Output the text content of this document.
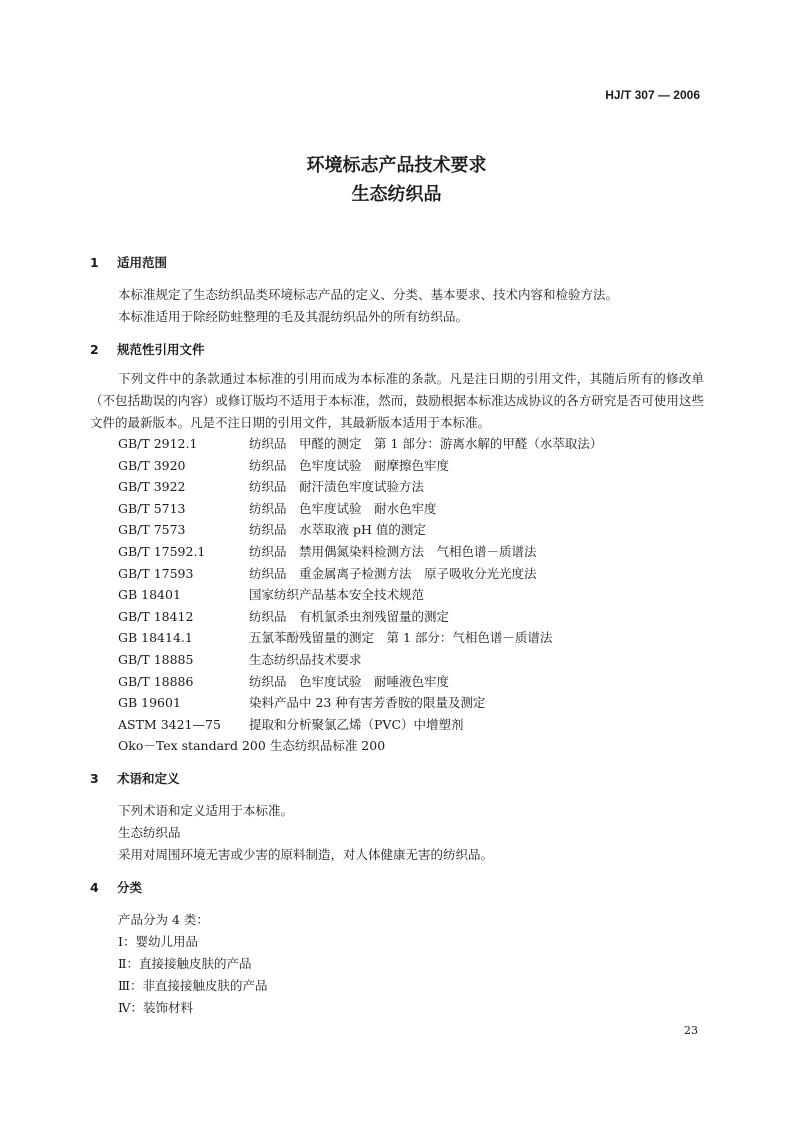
HJ/T 307 — 2006
环境标志产品技术要求
生态纺织品
1 适用范围
本标准规定了生态纺织品类环境标志产品的定义、分类、基本要求、技术内容和检验方法。
本标准适用于除经防蛀整理的毛及其混纺织品外的所有纺织品。
2 规范性引用文件
下列文件中的条款通过本标准的引用而成为本标准的条款。凡是注日期的引用文件，其随后所有的修改单（不包括勘误的内容）或修订版均不适用于本标准，然而，鼓励根据本标准达成协议的各方研究是否可使用这些文件的最新版本。凡是不注日期的引用文件，其最新版本适用于本标准。
GB/T 2912.1	纺织品　甲醛的测定　第 1 部分：游离水解的甲醛（水萃取法）
GB/T 3920	纺织品　色牢度试验　耐摩擦色牢度
GB/T 3922	纺织品　耐汗渍色牢度试验方法
GB/T 5713	纺织品　色牢度试验　耐水色牢度
GB/T 7573	纺织品　水萃取液 pH 值的测定
GB/T 17592.1	纺织品　禁用偶氮染料检测方法　气相色谱－质谱法
GB/T 17593	纺织品　重金属离子检测方法　原子吸收分光光度法
GB 18401	国家纺织产品基本安全技术规范
GB/T 18412	纺织品　有机氯杀虫剂残留量的测定
GB 18414.1	五氯苯酚残留量的测定　第 1 部分：气相色谱－质谱法
GB/T 18885	生态纺织品技术要求
GB/T 18886	纺织品　色牢度试验　耐唾液色牢度
GB 19601	染料产品中 23 种有害芳香胺的限量及测定
ASTM 3421—75 提取和分析聚氯乙烯（PVC）中增塑剂
Oko－Tex standard 200 生态纺织品标准 200
3 术语和定义
下列术语和定义适用于本标准。
生态纺织品
采用对周围环境无害或少害的原料制造，对人体健康无害的纺织品。
4 分类
产品分为 4 类：
Ⅰ：婴幼儿用品
Ⅱ：直接接触皮肤的产品
Ⅲ：非直接接触皮肤的产品
Ⅳ：装饰材料
23
